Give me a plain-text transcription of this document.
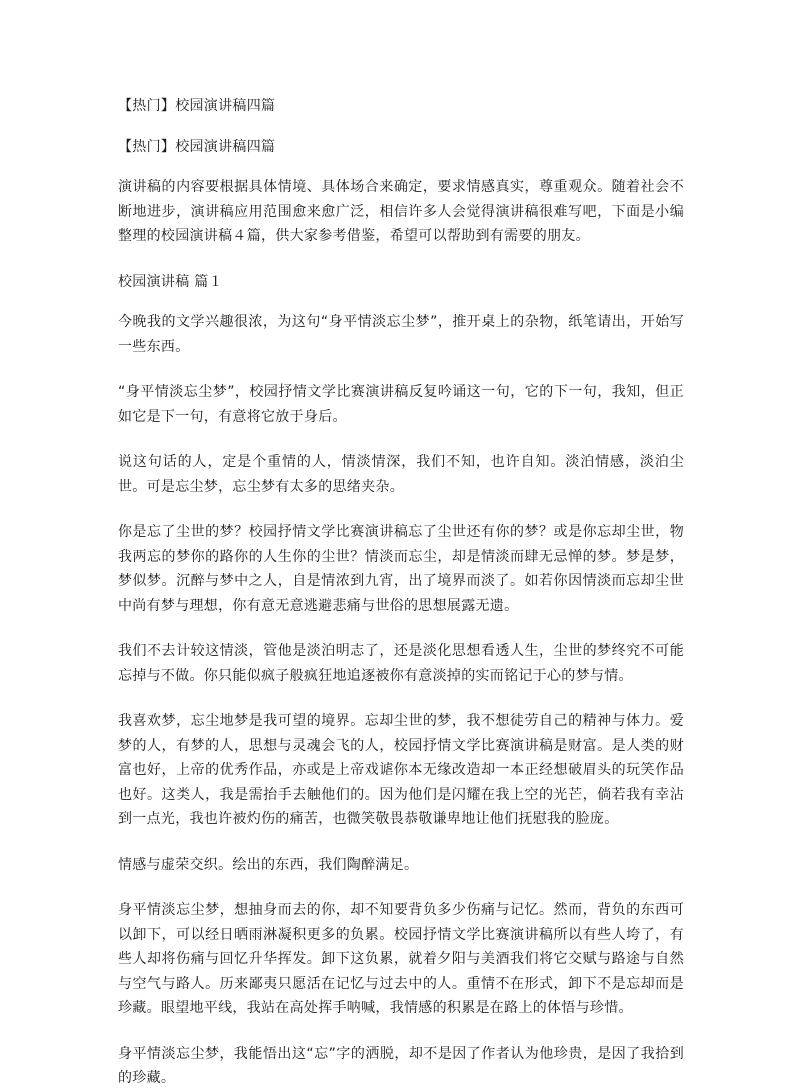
【热门】校园演讲稿四篇

【热门】校园演讲稿四篇

演讲稿的内容要根据具体情境、具体场合来确定，要求情感真实，尊重观众。随着社会不断地进步，演讲稿应用范围愈来愈广泛，相信许多人会觉得演讲稿很难写吧，下面是小编整理的校园演讲稿４篇，供大家参考借鉴，希望可以帮助到有需要的朋友。

校园演讲稿 篇１

今晚我的文学兴趣很浓，为这句“身平情淡忘尘梦”，推开桌上的杂物，纸笔请出，开始写一些东西。

“身平情淡忘尘梦”，校园抒情文学比赛演讲稿反复吟诵这一句，它的下一句，我知，但正如它是下一句，有意将它放于身后。

说这句话的人，定是个重情的人，情淡情深，我们不知，也许自知。淡泊情感，淡泊尘世。可是忘尘梦，忘尘梦有太多的思绪夹杂。

你是忘了尘世的梦？校园抒情文学比赛演讲稿忘了尘世还有你的梦？或是你忘却尘世，物我两忘的梦你的路你的人生你的尘世？情淡而忘尘，却是情淡而肆无忌惮的梦。梦是梦，梦似梦。沉醉与梦中之人，自是情浓到九宵，出了境界而淡了。如若你因情淡而忘却尘世中尚有梦与理想，你有意无意逃避悲痛与世俗的思想展露无遗。

我们不去计较这情淡，管他是淡泊明志了，还是淡化思想看透人生，尘世的梦终究不可能忘掉与不做。你只能似疯子般疯狂地追逐被你有意淡掉的实而铭记于心的梦与情。

我喜欢梦，忘尘地梦是我可望的境界。忘却尘世的梦，我不想徒劳自己的精神与体力。爱梦的人，有梦的人，思想与灵魂会飞的人，校园抒情文学比赛演讲稿是财富。是人类的财富也好，上帝的优秀作品，亦或是上帝戏谑你本无缘改造却一本正经想破眉头的玩笑作品也好。这类人，我是需抬手去触他们的。因为他们是闪耀在我上空的光芒，倘若我有幸沾到一点光，我也许被灼伤的痛苦，也微笑敬畏恭敬谦卑地让他们抚慰我的脸庞。

情感与虚荣交织。绘出的东西，我们陶醉满足。

身平情淡忘尘梦，想抽身而去的你，却不知要背负多少伤痛与记忆。然而，背负的东西可以卸下，可以经日晒雨淋凝积更多的负累。校园抒情文学比赛演讲稿所以有些人垮了，有些人却将伤痛与回忆升华挥发。卸下这负累，就着夕阳与美酒我们将它交赋与路途与自然与空气与路人。历来鄙夷只愿活在记忆与过去中的人。重情不在形式，卸下不是忘却而是珍藏。眼望地平线，我站在高处挥手呐喊，我情感的积累是在路上的体悟与珍惜。

身平情淡忘尘梦，我能悟出这“忘”字的洒脱，却不是因了作者认为他珍贵，是因了我拾到的珍藏。
